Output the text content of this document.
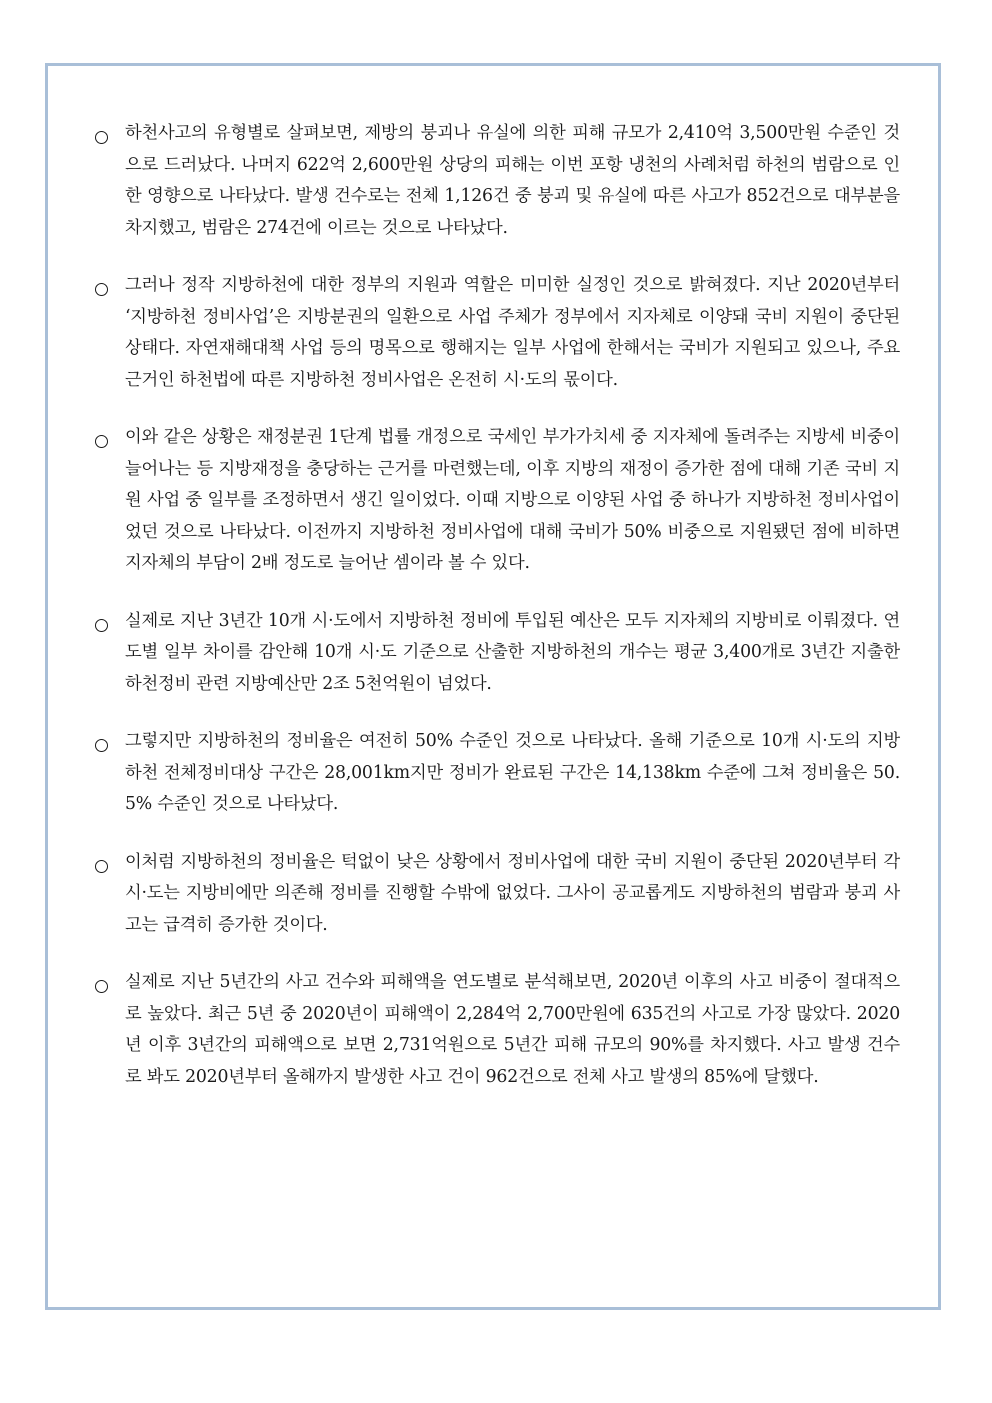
하천사고의 유형별로 살펴보면, 제방의 붕괴나 유실에 의한 피해 규모가 2,410억 3,500만원 수준인 것으로 드러났다. 나머지 622억 2,600만원 상당의 피해는 이번 포항 냉천의 사례처럼 하천의 범람으로 인한 영향으로 나타났다. 발생 건수로는 전체 1,126건 중 붕괴 및 유실에 따른 사고가 852건으로 대부분을 차지했고, 범람은 274건에 이르는 것으로 나타났다.

그러나 정작 지방하천에 대한 정부의 지원과 역할은 미미한 실정인 것으로 밝혀졌다. 지난 2020년부터 ‘지방하천 정비사업’은 지방분권의 일환으로 사업 주체가 정부에서 지자체로 이양돼 국비 지원이 중단된 상태다. 자연재해대책 사업 등의 명목으로 행해지는 일부 사업에 한해서는 국비가 지원되고 있으나, 주요 근거인 하천법에 따른 지방하천 정비사업은 온전히 시·도의 몫이다.

이와 같은 상황은 재정분권 1단계 법률 개정으로 국세인 부가가치세 중 지자체에 돌려주는 지방세 비중이 늘어나는 등 지방재정을 충당하는 근거를 마련했는데, 이후 지방의 재정이 증가한 점에 대해 기존 국비 지원 사업 중 일부를 조정하면서 생긴 일이었다. 이때 지방으로 이양된 사업 중 하나가 지방하천 정비사업이었던 것으로 나타났다. 이전까지 지방하천 정비사업에 대해 국비가 50% 비중으로 지원됐던 점에 비하면 지자체의 부담이 2배 정도로 늘어난 셈이라 볼 수 있다.

실제로 지난 3년간 10개 시·도에서 지방하천 정비에 투입된 예산은 모두 지자체의 지방비로 이뤄졌다. 연도별 일부 차이를 감안해 10개 시·도 기준으로 산출한 지방하천의 개수는 평균 3,400개로 3년간 지출한 하천정비 관련 지방예산만 2조 5천억원이 넘었다.

그렇지만 지방하천의 정비율은 여전히 50% 수준인 것으로 나타났다. 올해 기준으로 10개 시·도의 지방하천 전체정비대상 구간은 28,001km지만 정비가 완료된 구간은 14,138km 수준에 그쳐 정비율은 50.5% 수준인 것으로 나타났다.

이처럼 지방하천의 정비율은 턱없이 낮은 상황에서 정비사업에 대한 국비 지원이 중단된 2020년부터 각 시·도는 지방비에만 의존해 정비를 진행할 수밖에 없었다. 그사이 공교롭게도 지방하천의 범람과 붕괴 사고는 급격히 증가한 것이다.

실제로 지난 5년간의 사고 건수와 피해액을 연도별로 분석해보면, 2020년 이후의 사고 비중이 절대적으로 높았다. 최근 5년 중 2020년이 피해액이 2,284억 2,700만원에 635건의 사고로 가장 많았다. 2020년 이후 3년간의 피해액으로 보면 2,731억원으로 5년간 피해 규모의 90%를 차지했다. 사고 발생 건수로 봐도 2020년부터 올해까지 발생한 사고 건이 962건으로 전체 사고 발생의 85%에 달했다.
